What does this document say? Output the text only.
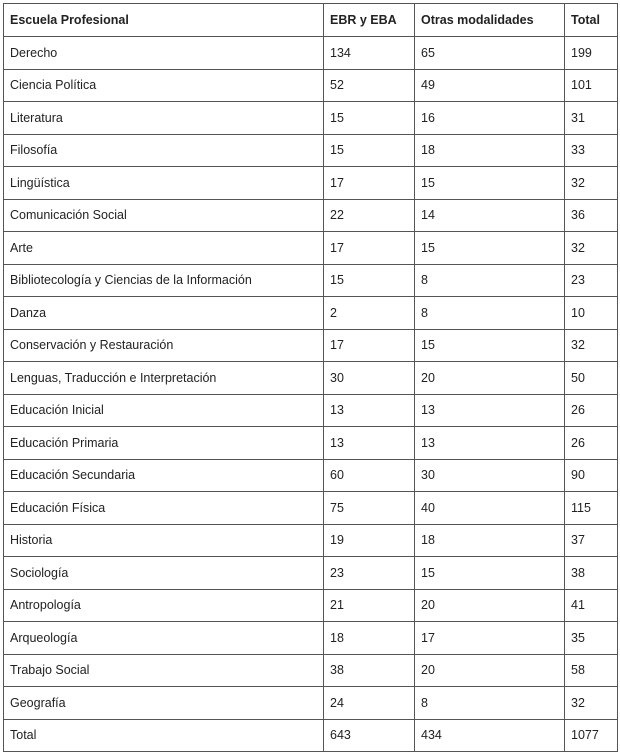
Escuela Profesional	EBR y EBA	Otras modalidades	Total
Derecho	134	65	199
Ciencia Política	52	49	101
Literatura	15	16	31
Filosofía	15	18	33
Lingüística	17	15	32
Comunicación Social	22	14	36
Arte	17	15	32
Bibliotecología y Ciencias de la Información	15	8	23
Danza	2	8	10
Conservación y Restauración	17	15	32
Lenguas, Traducción e Interpretación	30	20	50
Educación Inicial	13	13	26
Educación Primaria	13	13	26
Educación Secundaria	60	30	90
Educación Física	75	40	115
Historia	19	18	37
Sociología	23	15	38
Antropología	21	20	41
Arqueología	18	17	35
Trabajo Social	38	20	58
Geografía	24	8	32
Total	643	434	1077
